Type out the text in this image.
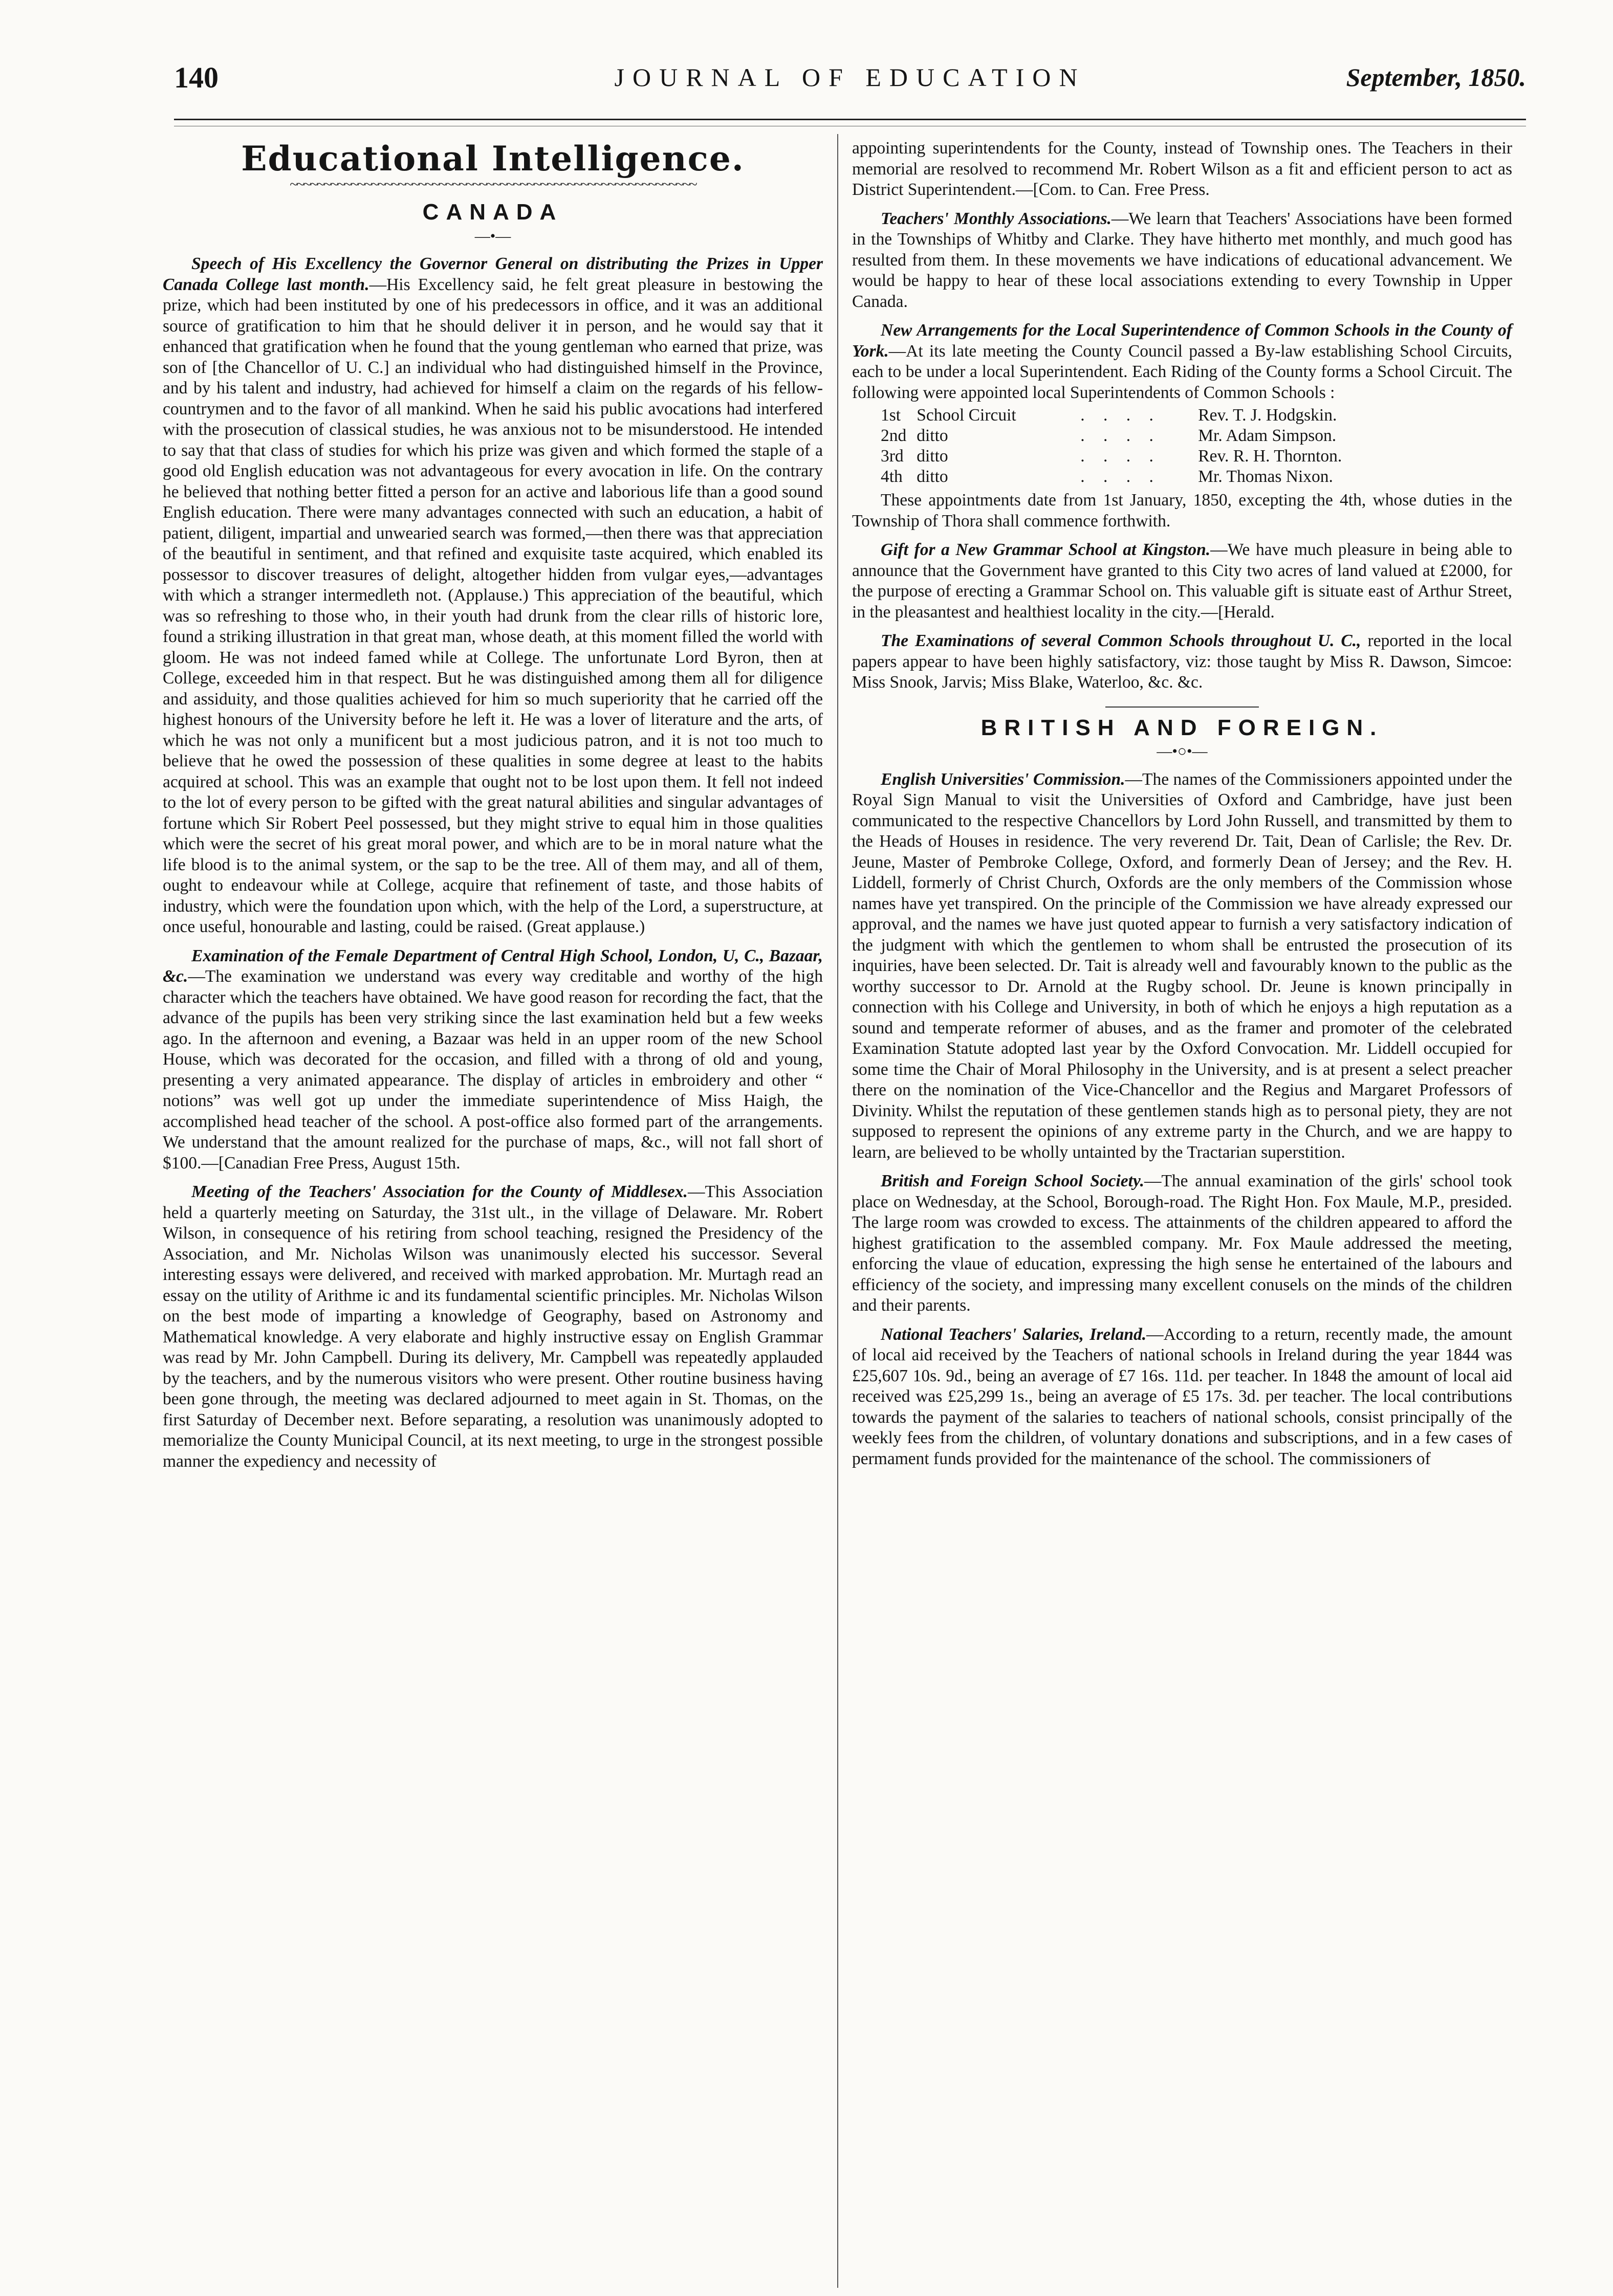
140	JOURNAL OF EDUCATION	September, 1850.
Educational Intelligence.
~~~~~~~~~~~~~~~~~~~~~~~~~~~~~~~~~~~~~~~~~~~~~~~~~~~~~~~~~~~~
CANADA
—•—

Speech of His Excellency the Governor General on distributing the Prizes in Upper Canada College last month.—His Excellency said, he felt great pleasure in bestowing the prize, which had been instituted by one of his predecessors in office, and it was an additional source of gratification to him that he should deliver it in person, and he would say that it enhanced that gratification when he found that the young gentleman who earned that prize, was son of [the Chancellor of U. C.] an individual who had distinguished himself in the Province, and by his talent and industry, had achieved for himself a claim on the regards of his fellow-countrymen and to the favor of all mankind. When he said his public avocations had interfered with the prosecution of classical studies, he was anxious not to be misunderstood. He intended to say that that class of studies for which his prize was given and which formed the staple of a good old English education was not advantageous for every avocation in life. On the contrary he believed that nothing better fitted a person for an active and laborious life than a good sound English education. There were many advantages connected with such an education, a habit of patient, diligent, impartial and unwearied search was formed,—then there was that appreciation of the beautiful in sentiment, and that refined and exquisite taste acquired, which enabled its possessor to discover treasures of delight, altogether hidden from vulgar eyes,—advantages with which a stranger intermedleth not. (Applause.) This appreciation of the beautiful, which was so refreshing to those who, in their youth had drunk from the clear rills of historic lore, found a striking illustration in that great man, whose death, at this moment filled the world with gloom. He was not indeed famed while at College. The unfortunate Lord Byron, then at College, exceeded him in that respect. But he was distinguished among them all for diligence and assiduity, and those qualities achieved for him so much superiority that he carried off the highest honours of the University before he left it. He was a lover of literature and the arts, of which he was not only a munificent but a most judicious patron, and it is not too much to believe that he owed the possession of these qualities in some degree at least to the habits acquired at school. This was an example that ought not to be lost upon them. It fell not indeed to the lot of every person to be gifted with the great natural abilities and singular advantages of fortune which Sir Robert Peel possessed, but they might strive to equal him in those qualities which were the secret of his great moral power, and which are to be in moral nature what the life blood is to the animal system, or the sap to be the tree. All of them may, and all of them, ought to endeavour while at College, acquire that refinement of taste, and those habits of industry, which were the foundation upon which, with the help of the Lord, a superstructure, at once useful, honourable and lasting, could be raised. (Great applause.)

Examination of the Female Department of Central High School, London, U, C., Bazaar, &c.—The examination we understand was every way creditable and worthy of the high character which the teachers have obtained. We have good reason for recording the fact, that the advance of the pupils has been very striking since the last examination held but a few weeks ago. In the afternoon and evening, a Bazaar was held in an upper room of the new School House, which was decorated for the occasion, and filled with a throng of old and young, presenting a very animated appearance. The display of articles in embroidery and other “ notions” was well got up under the immediate superintendence of Miss Haigh, the accomplished head teacher of the school. A post-office also formed part of the arrangements. We understand that the amount realized for the purchase of maps, &c., will not fall short of $100.—[Canadian Free Press, August 15th.

Meeting of the Teachers' Association for the County of Middlesex.—This Association held a quarterly meeting on Saturday, the 31st ult., in the village of Delaware. Mr. Robert Wilson, in consequence of his retiring from school teaching, resigned the Presidency of the Association, and Mr. Nicholas Wilson was unanimously elected his successor. Several interesting essays were delivered, and received with marked approbation. Mr. Murtagh read an essay on the utility of Arithme ic and its fundamental scientific principles. Mr. Nicholas Wilson on the best mode of imparting a knowledge of Geography, based on Astronomy and Mathematical knowledge. A very elaborate and highly instructive essay on English Grammar was read by Mr. John Campbell. During its delivery, Mr. Campbell was repeatedly applauded by the teachers, and by the numerous visitors who were present. Other routine business having been gone through, the meeting was declared adjourned to meet again in St. Thomas, on the first Saturday of December next. Before separating, a resolution was unanimously adopted to memorialize the County Municipal Council, at its next meeting, to urge in the strongest possible manner the expediency and necessity of

appointing superintendents for the County, instead of Township ones. The Teachers in their memorial are resolved to recommend Mr. Robert Wilson as a fit and efficient person to act as District Superintendent.—[Com. to Can. Free Press.

Teachers' Monthly Associations.—We learn that Teachers' Associations have been formed in the Townships of Whitby and Clarke. They have hitherto met monthly, and much good has resulted from them. In these movements we have indications of educational advancement. We would be happy to hear of these local associations extending to every Township in Upper Canada.

New Arrangements for the Local Superintendence of Common Schools in the County of York.—At its late meeting the County Council passed a By-law establishing School Circuits, each to be under a local Superintendent. Each Riding of the County forms a School Circuit. The following were appointed local Superintendents of Common Schools :

1st	School Circuit	. . . .	Rev. T. J. Hodgskin.
2nd	ditto	. . . .	Mr. Adam Simpson.
3rd	ditto	. . . .	Rev. R. H. Thornton.
4th	ditto	. . . .	Mr. Thomas Nixon.

These appointments date from 1st January, 1850, excepting the 4th, whose duties in the Township of Thora shall commence forthwith.

Gift for a New Grammar School at Kingston.—We have much pleasure in being able to announce that the Government have granted to this City two acres of land valued at £2000, for the purpose of erecting a Grammar School on. This valuable gift is situate east of Arthur Street, in the pleasantest and healthiest locality in the city.—[Herald.

The Examinations of several Common Schools throughout U. C., reported in the local papers appear to have been highly satisfactory, viz: those taught by Miss R. Dawson, Simcoe: Miss Snook, Jarvis; Miss Blake, Waterloo, &c. &c.

BRITISH AND FOREIGN.
—•○•—

English Universities' Commission.—The names of the Commissioners appointed under the Royal Sign Manual to visit the Universities of Oxford and Cambridge, have just been communicated to the respective Chancellors by Lord John Russell, and transmitted by them to the Heads of Houses in residence. The very reverend Dr. Tait, Dean of Carlisle; the Rev. Dr. Jeune, Master of Pembroke College, Oxford, and formerly Dean of Jersey; and the Rev. H. Liddell, formerly of Christ Church, Oxfords are the only members of the Commission whose names have yet transpired. On the principle of the Commission we have already expressed our approval, and the names we have just quoted appear to furnish a very satisfactory indication of the judgment with which the gentlemen to whom shall be entrusted the prosecution of its inquiries, have been selected. Dr. Tait is already well and favourably known to the public as the worthy successor to Dr. Arnold at the Rugby school. Dr. Jeune is known principally in connection with his College and University, in both of which he enjoys a high reputation as a sound and temperate reformer of abuses, and as the framer and promoter of the celebrated Examination Statute adopted last year by the Oxford Convocation. Mr. Liddell occupied for some time the Chair of Moral Philosophy in the University, and is at present a select preacher there on the nomination of the Vice-Chancellor and the Regius and Margaret Professors of Divinity. Whilst the reputation of these gentlemen stands high as to personal piety, they are not supposed to represent the opinions of any extreme party in the Church, and we are happy to learn, are believed to be wholly untainted by the Tractarian superstition.

British and Foreign School Society.—The annual examination of the girls' school took place on Wednesday, at the School, Borough-road. The Right Hon. Fox Maule, M.P., presided. The large room was crowded to excess. The attainments of the children appeared to afford the highest gratification to the assembled company. Mr. Fox Maule addressed the meeting, enforcing the vlaue of education, expressing the high sense he entertained of the labours and efficiency of the society, and impressing many excellent conusels on the minds of the children and their parents.

National Teachers' Salaries, Ireland.—According to a return, recently made, the amount of local aid received by the Teachers of national schools in Ireland during the year 1844 was £25,607 10s. 9d., being an average of £7 16s. 11d. per teacher. In 1848 the amount of local aid received was £25,299 1s., being an average of £5 17s. 3d. per teacher. The local contributions towards the payment of the salaries to teachers of national schools, consist principally of the weekly fees from the children, of voluntary donations and subscriptions, and in a few cases of permament funds provided for the maintenance of the school. The commissioners of
